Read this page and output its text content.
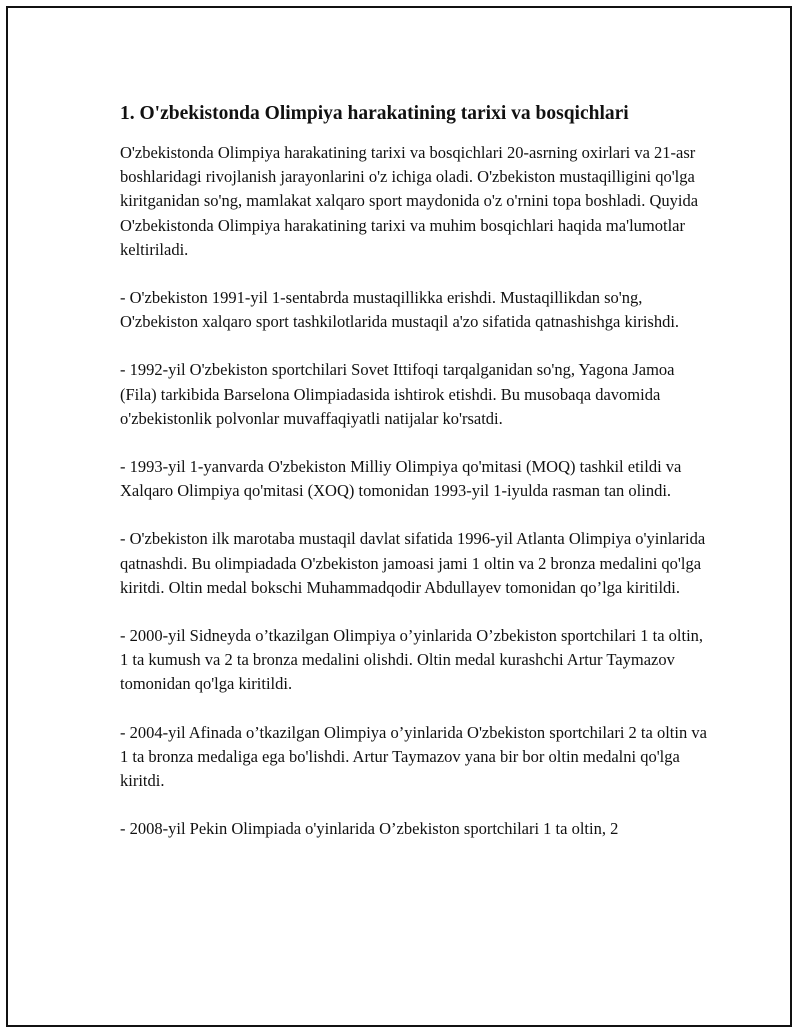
1. O'zbekistonda Olimpiya harakatining tarixi va bosqichlari

O'zbekistonda Olimpiya harakatining tarixi va bosqichlari 20-asrning oxirlari va 21-asr boshlaridagi rivojlanish jarayonlarini o'z ichiga oladi. O'zbekiston mustaqilligini qo'lga kiritganidan so'ng, mamlakat xalqaro sport maydonida o'z o'rnini topa boshladi. Quyida O'zbekistonda Olimpiya harakatining tarixi va muhim bosqichlari haqida ma'lumotlar keltiriladi.

- O'zbekiston 1991-yil 1-sentabrda mustaqillikka erishdi. Mustaqillikdan so'ng, O'zbekiston xalqaro sport tashkilotlarida mustaqil a'zo sifatida qatnashishga kirishdi.

- 1992-yil O'zbekiston sportchilari Sovet Ittifoqi tarqalganidan so'ng, Yagona Jamoa (Fila) tarkibida Barselona Olimpiadasida ishtirok etishdi. Bu musobaqa davomida o'zbekistonlik polvonlar muvaffaqiyatli natijalar ko'rsatdi.

- 1993-yil 1-yanvarda O'zbekiston Milliy Olimpiya qo'mitasi (MOQ) tashkil etildi va Xalqaro Olimpiya qo'mitasi (XOQ) tomonidan 1993-yil 1-iyulda rasman tan olindi.

- O'zbekiston ilk marotaba mustaqil davlat sifatida 1996-yil Atlanta Olimpiya o'yinlarida qatnashdi. Bu olimpiadada O'zbekiston jamoasi jami 1 oltin va 2 bronza medalini qo'lga kiritdi. Oltin medal bokschi Muhammadqodir Abdullayev tomonidan qo’lga kiritildi.

- 2000-yil Sidneyda o’tkazilgan Olimpiya o’yinlarida O’zbekiston sportchilari 1 ta oltin, 1 ta kumush va 2 ta bronza medalini olishdi. Oltin medal kurashchi Artur Taymazov tomonidan qo'lga kiritildi.

- 2004-yil Afinada o’tkazilgan Olimpiya o’yinlarida O'zbekiston sportchilari 2 ta oltin va 1 ta bronza medaliga ega bo'lishdi. Artur Taymazov yana bir bor oltin medalni qo'lga kiritdi.

- 2008-yil Pekin Olimpiada o'yinlarida O’zbekiston sportchilari 1 ta oltin, 2
